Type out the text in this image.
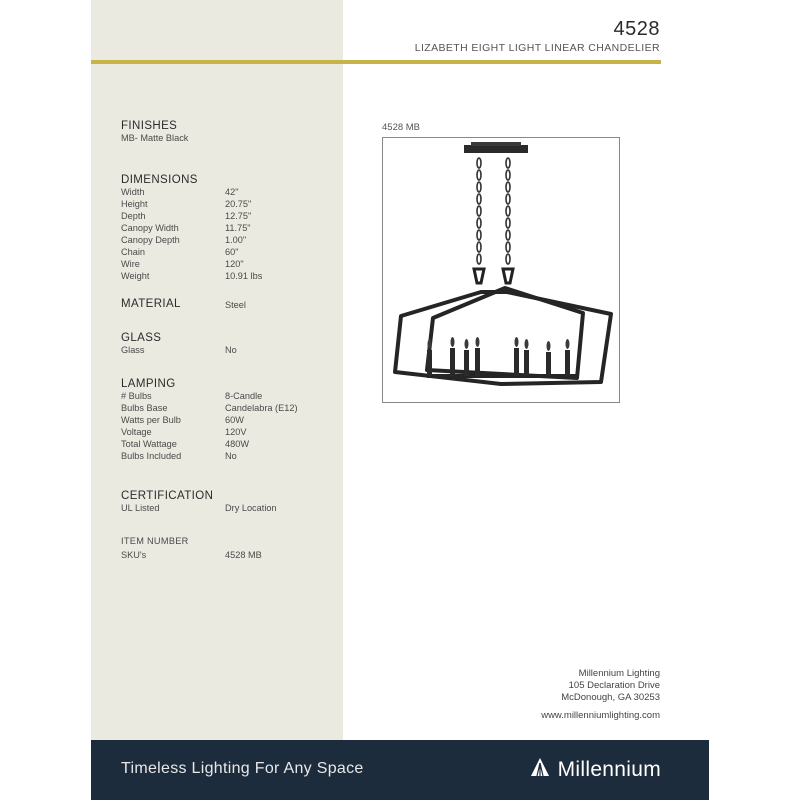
4528
LIZABETH EIGHT LIGHT LINEAR CHANDELIER
FINISHES
MB - Matte Black
DIMENSIONS
Width	42"
Height	20.75"
Depth	12.75"
Canopy Width	11.75"
Canopy Depth	1.00"
Chain	60"
Wire	120"
Weight	10.91 lbs
MATERIAL	Steel
GLASS
Glass	No
LAMPING
# Bulbs	8-Candle
Bulbs Base	Candelabra (E12)
Watts per Bulb	60W
Voltage	120V
Total Wattage	480W
Bulbs Included	No
CERTIFICATION
UL Listed	Dry Location
ITEM NUMBER
SKU's	4528 MB
4528 MB
Millennium Lighting
105 Declaration Drive
McDonough, GA 30253
www.millenniumlighting.com
Timeless Lighting For Any Space	Millennium
